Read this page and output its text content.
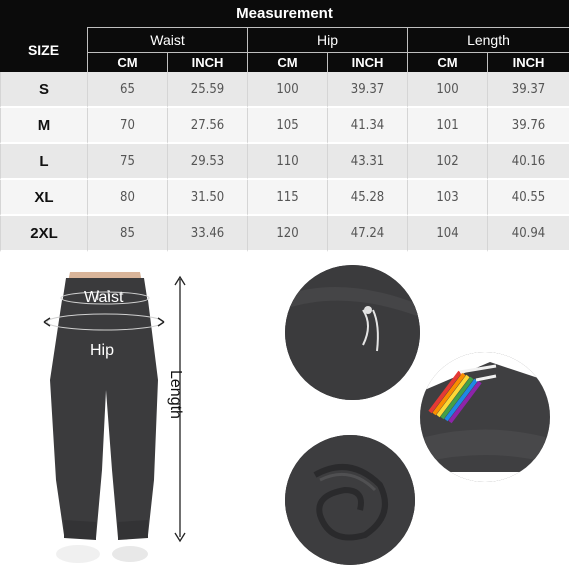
Measurement
SIZE
Waist	Hip	Length
CM	INCH	CM	INCH	CM	INCH
S	65	25.59	100	39.37	100	39.37
M	70	27.56	105	41.34	101	39.76
L	75	29.53	110	43.31	102	40.16
XL	80	31.50	115	45.28	103	40.55
2XL	85	33.46	120	47.24	104	40.94
Waist
Hip
Length
